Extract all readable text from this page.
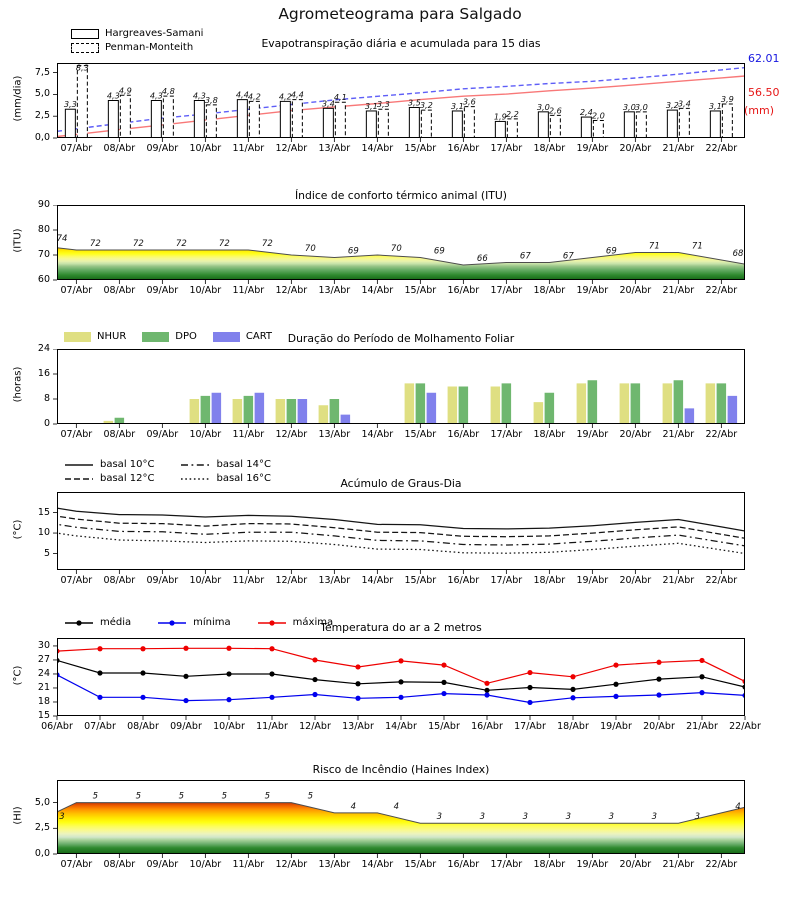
Agrometeograma para Salgado
Evapotranspiração diária e acumulada para 15 dias
Índice de conforto térmico animal (ITU)
Duração do Período de Molhamento Foliar
Acúmulo de Graus-Dia
Temperatura do ar a 2 metros
Risco de Incêndio (Haines Index)
(mm/dia)
(ITU)
(horas)
(°C)
(°C)
(HI)
62.01
56.50
(mm)
Hargreaves-Samani
Penman-Monteith
NHUR	DPO	CART
basal 10°C
basal 12°C
basal 14°C
basal 16°C
média	mínima	máxima
3,3
8,3
4,3
4,9
4,3
4,8 4,3
3,8
4,4
4,2 4,2
4,4
3,4
4,1
3,1
3,3 3,5
3,2 3,1
3,6
1,9
2,2
3,0
2,6 2,4
2,0
3,0
3,0 3,2
3,4 3,1
3,9
74	72	72	72	72	72	70	69	70	69
66	67	67	69	71	71
68
3
5	5	5	5	5	5
4	4
3	3	3	3	3	3	3
4
07/Abr	08/Abr	09/Abr	10/Abr	11/Abr	12/Abr	13/Abr	14/Abr	15/Abr	16/Abr	17/Abr	18/Abr	19/Abr	20/Abr	21/Abr	22/Abr
0,0
2,5
5,0
7,5
07/Abr	08/Abr	09/Abr	10/Abr	11/Abr	12/Abr	13/Abr	14/Abr	15/Abr	16/Abr	17/Abr	18/Abr	19/Abr	20/Abr	21/Abr	22/Abr
60
70
80
90
07/Abr	08/Abr	09/Abr	10/Abr	11/Abr	12/Abr	13/Abr	14/Abr	15/Abr	16/Abr	17/Abr	18/Abr	19/Abr	20/Abr	21/Abr	22/Abr
0
8
16
24
07/Abr	08/Abr	09/Abr	10/Abr	11/Abr	12/Abr	13/Abr	14/Abr	15/Abr	16/Abr	17/Abr	18/Abr	19/Abr	20/Abr	21/Abr	22/Abr
5
10
15
06/Abr	07/Abr	08/Abr	09/Abr	10/Abr	11/Abr	12/Abr	13/Abr	14/Abr	15/Abr	16/Abr	17/Abr	18/Abr	19/Abr	20/Abr	21/Abr	22/Abr
15
18
21
24
27
30
07/Abr	08/Abr	09/Abr	10/Abr	11/Abr	12/Abr	13/Abr	14/Abr	15/Abr	16/Abr	17/Abr	18/Abr	19/Abr	20/Abr	21/Abr	22/Abr
0,0
2,5
5,0
